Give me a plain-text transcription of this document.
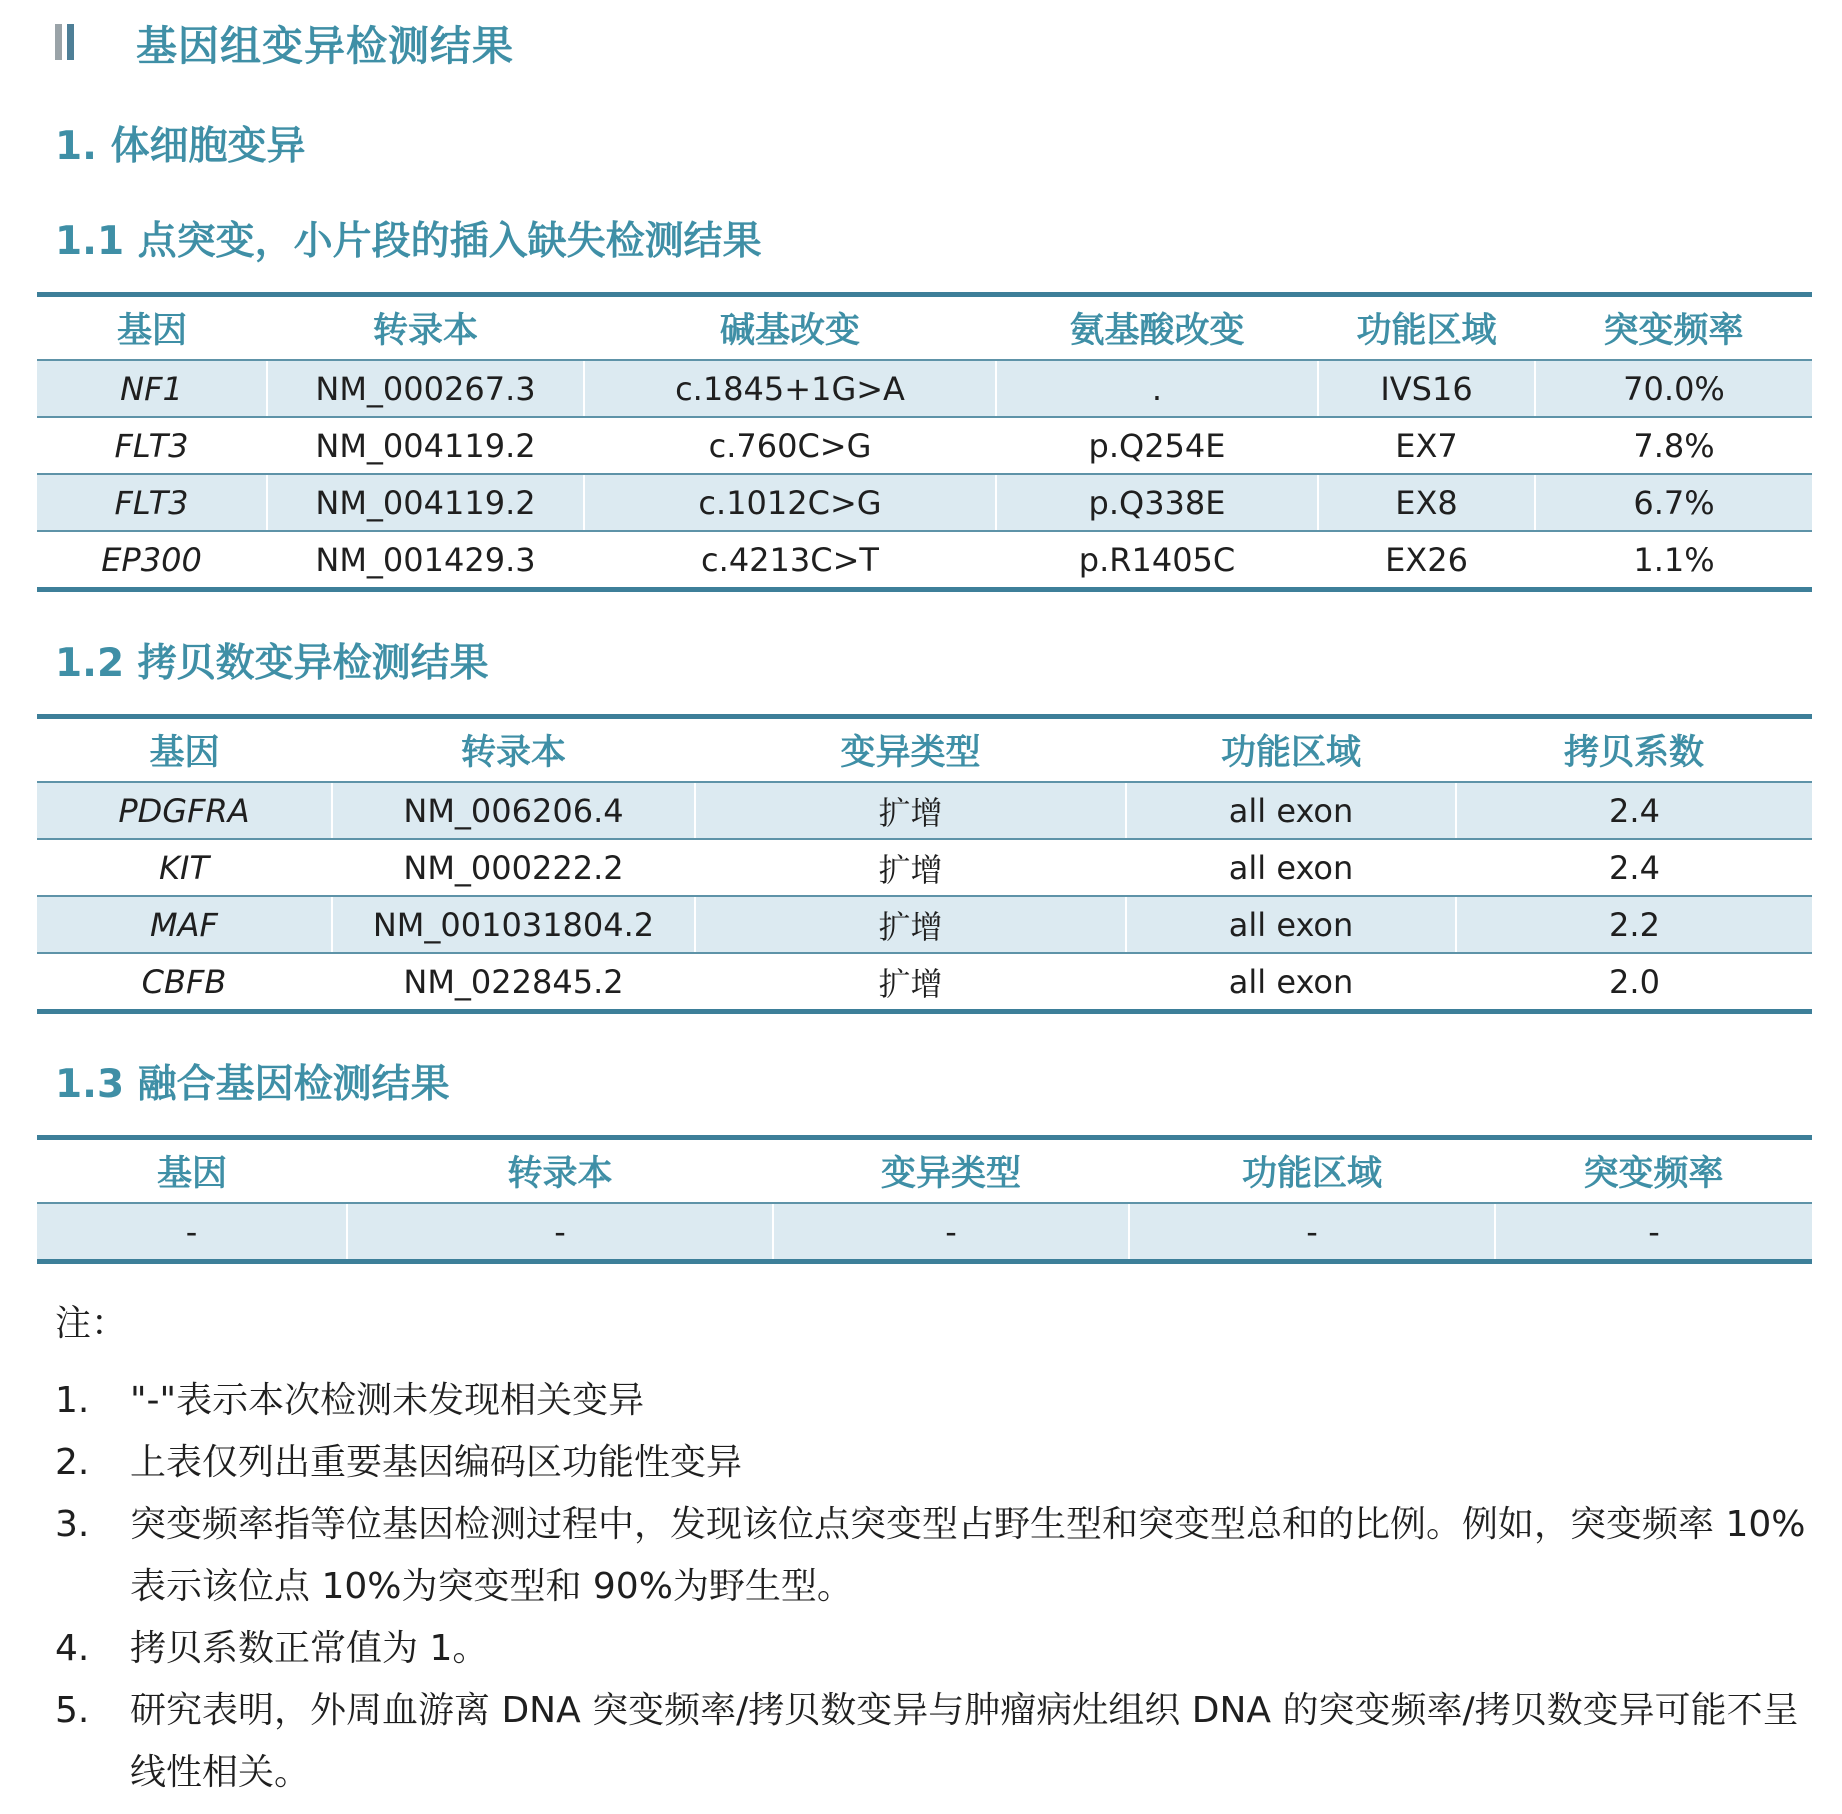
基因组变异检测结果
1. 体细胞变异
1.1 点突变，小片段的插入缺失检测结果
基因	转录本	碱基改变	氨基酸改变	功能区域	突变频率
NF1	NM_000267.3	c.1845+1G>A	.	IVS16	70.0%
FLT3	NM_004119.2	c.760C>G	p.Q254E	EX7	7.8%
FLT3	NM_004119.2	c.1012C>G	p.Q338E	EX8	6.7%
EP300	NM_001429.3	c.4213C>T	p.R1405C	EX26	1.1%
1.2 拷贝数变异检测结果
基因	转录本	变异类型	功能区域	拷贝系数
PDGFRA	NM_006206.4	扩增	all exon	2.4
KIT	NM_000222.2	扩增	all exon	2.4
MAF	NM_001031804.2	扩增	all exon	2.2
CBFB	NM_022845.2	扩增	all exon	2.0
1.3 融合基因检测结果
基因	转录本	变异类型	功能区域	突变频率
-	-	-	-	-
注：
1.	"-"表示本次检测未发现相关变异
2.	上表仅列出重要基因编码区功能性变异
3.	突变频率指等位基因检测过程中，发现该位点突变型占野生型和突变型总和的比例。例如，突变频率 10%表示该位点 10%为突变型和 90%为野生型。
4.	拷贝系数正常值为 1。
5.	研究表明，外周血游离 DNA 突变频率/拷贝数变异与肿瘤病灶组织 DNA 的突变频率/拷贝数变异可能不呈线性相关。
